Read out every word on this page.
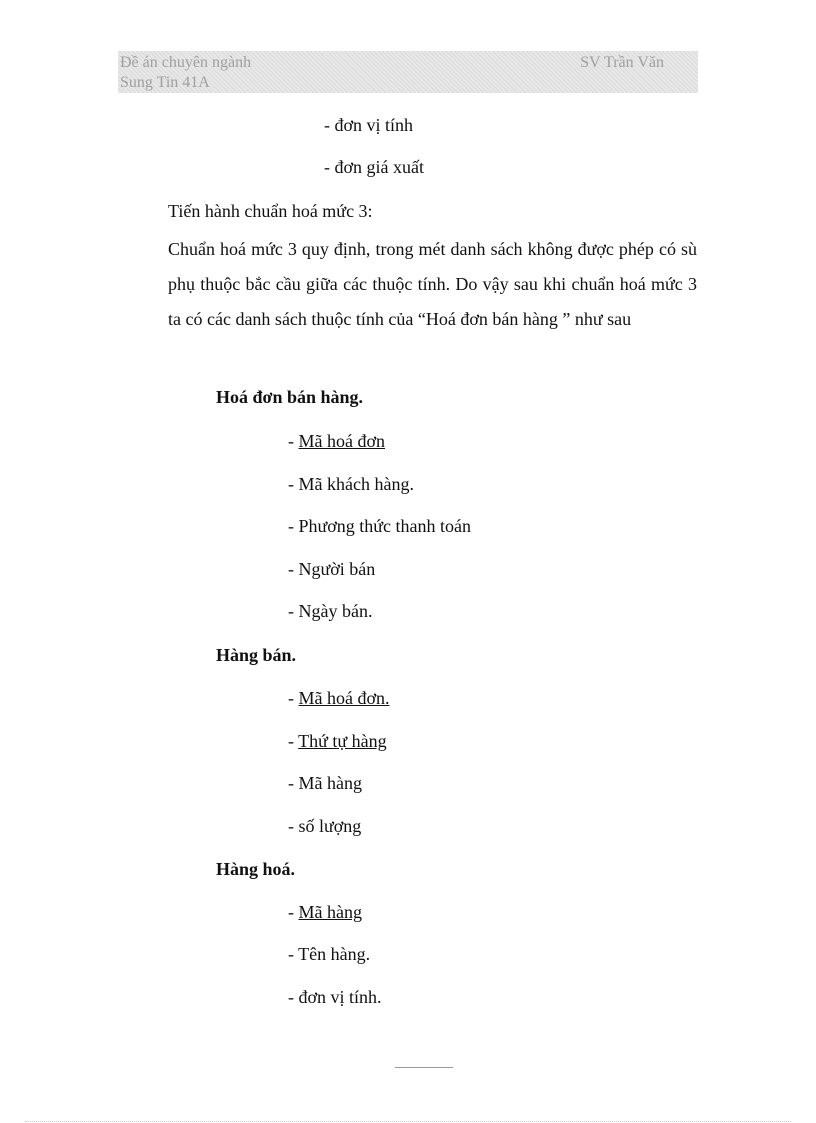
Đề án chuyên ngành
Sung Tin 41A
SV Trần Văn
- đơn vị tính
- đơn giá xuất
Tiến hành chuẩn hoá mức 3:
Chuẩn hoá mức 3 quy định, trong mét danh sách không được phép có sù phụ thuộc bắc cầu giữa các thuộc tính. Do vậy sau khi chuẩn hoá mức 3 ta có các danh sách thuộc tính của “Hoá đơn bán hàng ” như sau
Hoá đơn bán hàng.
- Mã hoá đơn
- Mã khách hàng.
- Phương thức thanh toán
- Người bán
- Ngày bán.
Hàng bán.
- Mã hoá đơn.
- Thứ tự hàng
- Mã hàng
- số lượng
Hàng hoá.
- Mã hàng
- Tên hàng.
- đơn vị tính.
